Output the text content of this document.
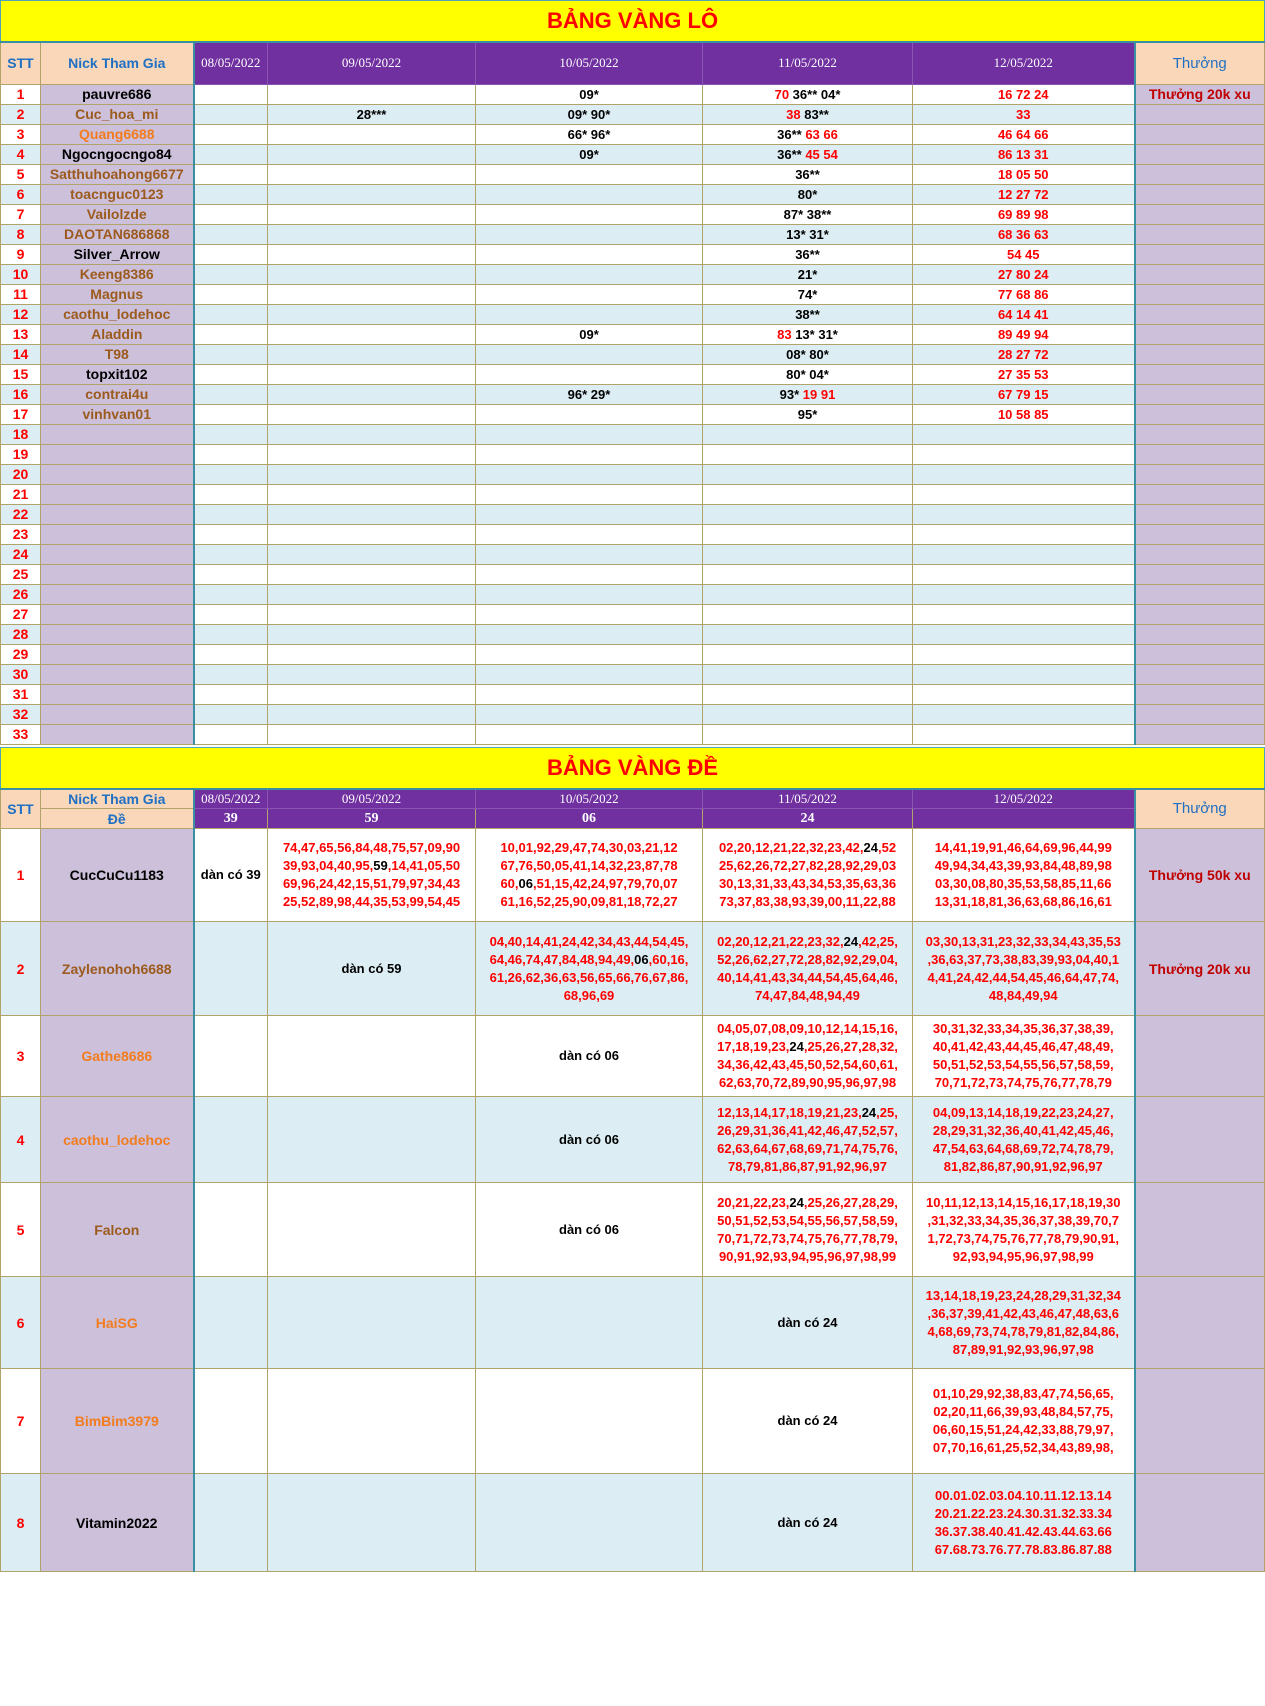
BẢNG VÀNG LÔ							
STT	Nick Tham Gia	08/05/2022	09/05/2022	10/05/2022	11/05/2022	12/05/2022	Thưởng
1	pauvre686			09*	70 36** 04*	16 72 24	Thưởng 20k xu
2	Cuc_hoa_mi		28***	09* 90*	38 83**	33	
3	Quang6688			66* 96*	36** 63 66	46 64 66	
4	Ngocngocngo84			09*	36** 45 54	86 13 31	
5	Satthuhoahong6677				36**	18 05 50	
6	toacnguc0123				80*	12 27 72	
7	Vailolzde				87* 38**	69 89 98	
8	DAOTAN686868				13* 31*	68 36 63	
9	Silver_Arrow				36**	54 45	
10	Keeng8386				21*	27 80 24	
11	Magnus				74*	77 68 86	
12	caothu_lodehoc				38**	64 14 41	
13	Aladdin			09*	83 13* 31*	89 49 94	
14	T98				08* 80*	28 27 72	
15	topxit102				80* 04*	27 35 53	
16	contrai4u			96* 29*	93* 19 91	67 79 15	
17	vinhvan01				95*	10 58 85	
18							
19							
20							
21							
22							
23							
24							
25							
26							
27							
28							
29							
30							
31							
32							
33							
BẢNG VÀNG ĐỀ							
STT	Nick Tham Gia	08/05/2022	09/05/2022	10/05/2022	11/05/2022	12/05/2022	Thưởng
	Đề	39	59	06	24		
1	CucCuCu1183	dàn có 39	74,47,65,56,84,48,75,57,09,90 39,93,04,40,95,59,14,41,05,50 69,96,24,42,15,51,79,97,34,43 25,52,89,98,44,35,53,99,54,45	10,01,92,29,47,74,30,03,21,12 67,76,50,05,41,14,32,23,87,78 60,06,51,15,42,24,97,79,70,07 61,16,52,25,90,09,81,18,72,27	02,20,12,21,22,32,23,42,24,52 25,62,26,72,27,82,28,92,29,03 30,13,31,33,43,34,53,35,63,36 73,37,83,38,93,39,00,11,22,88	14,41,19,91,46,64,69,96,44,99 49,94,34,43,39,93,84,48,89,98 03,30,08,80,35,53,58,85,11,66 13,31,18,81,36,63,68,86,16,61	Thưởng 50k xu
2	Zaylenohoh6688		dàn có 59	04,40,14,41,24,42,34,43,44,54,45, 64,46,74,47,84,48,94,49,06,60,16, 61,26,62,36,63,56,65,66,76,67,86, 68,96,69	02,20,12,21,22,23,32,24,42,25, 52,26,62,27,72,28,82,92,29,04, 40,14,41,43,34,44,54,45,64,46, 74,47,84,48,94,49	03,30,13,31,23,32,33,34,43,35,53 ,36,63,37,73,38,83,39,93,04,40,1 4,41,24,42,44,54,45,46,64,47,74, 48,84,49,94	Thưởng 20k xu
3	Gathe8686			dàn có 06	04,05,07,08,09,10,12,14,15,16, 17,18,19,23,24,25,26,27,28,32, 34,36,42,43,45,50,52,54,60,61, 62,63,70,72,89,90,95,96,97,98	30,31,32,33,34,35,36,37,38,39, 40,41,42,43,44,45,46,47,48,49, 50,51,52,53,54,55,56,57,58,59, 70,71,72,73,74,75,76,77,78,79	
4	caothu_lodehoc			dàn có 06	12,13,14,17,18,19,21,23,24,25, 26,29,31,36,41,42,46,47,52,57, 62,63,64,67,68,69,71,74,75,76, 78,79,81,86,87,91,92,96,97	04,09,13,14,18,19,22,23,24,27, 28,29,31,32,36,40,41,42,45,46, 47,54,63,64,68,69,72,74,78,79, 81,82,86,87,90,91,92,96,97	
5	Falcon			dàn có 06	20,21,22,23,24,25,26,27,28,29, 50,51,52,53,54,55,56,57,58,59, 70,71,72,73,74,75,76,77,78,79, 90,91,92,93,94,95,96,97,98,99	10,11,12,13,14,15,16,17,18,19,30 ,31,32,33,34,35,36,37,38,39,70,7 1,72,73,74,75,76,77,78,79,90,91, 92,93,94,95,96,97,98,99	
6	HaiSG				dàn có 24	13,14,18,19,23,24,28,29,31,32,34 ,36,37,39,41,42,43,46,47,48,63,6 4,68,69,73,74,78,79,81,82,84,86, 87,89,91,92,93,96,97,98	
7	BimBim3979				dàn có 24	01,10,29,92,38,83,47,74,56,65, 02,20,11,66,39,93,48,84,57,75, 06,60,15,51,24,42,33,88,79,97, 07,70,16,61,25,52,34,43,89,98,	
8	Vitamin2022				dàn có 24	00.01.02.03.04.10.11.12.13.14 20.21.22.23.24.30.31.32.33.34 36.37.38.40.41.42.43.44.63.66 67.68.73.76.77.78.83.86.87.88	
